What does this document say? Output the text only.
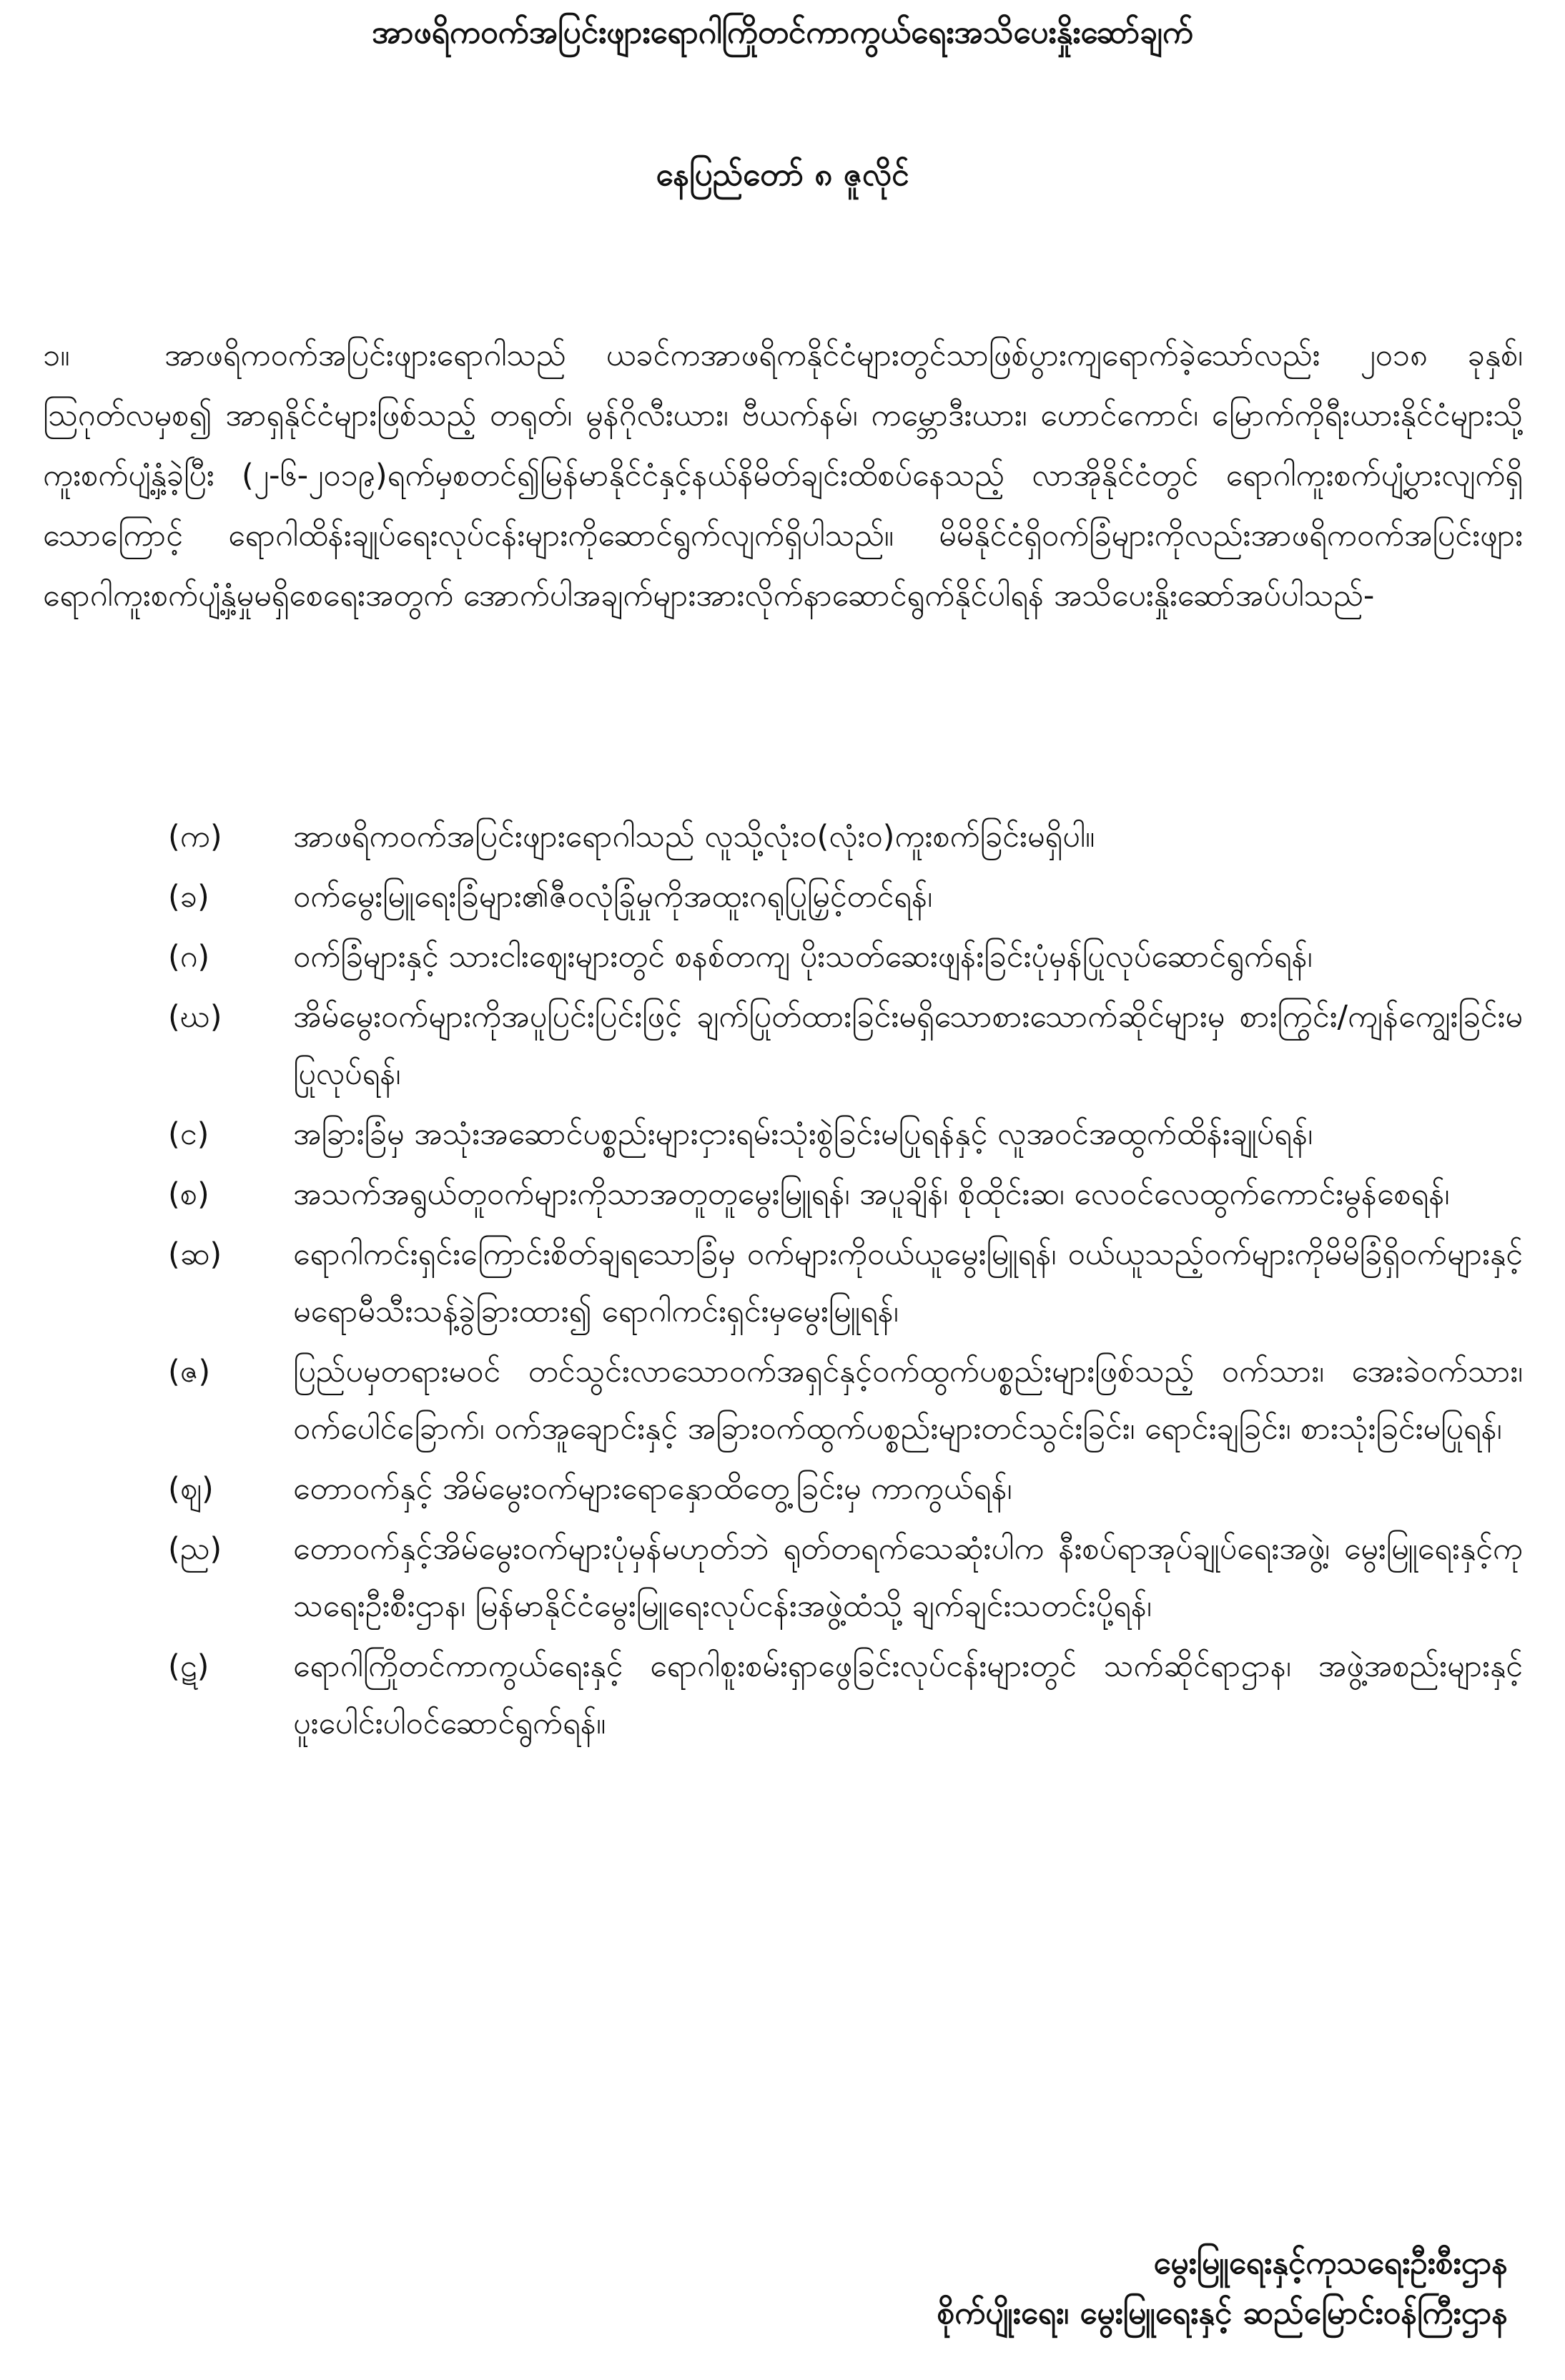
အာဖရိကဝက်အပြင်းဖျားရောဂါကြိုတင်ကာကွယ်ရေးအသိပေးနှိုးဆော်ချက်
နေပြည်တော် ၈ ဇူလိုင်
၁။	အာဖရိကဝက်အပြင်းဖျားရောဂါသည် ယခင်ကအာဖရိကနိုင်ငံများတွင်သာဖြစ်ပွားကျရောက်ခဲ့သော်လည်း ၂၀၁၈ ခုနှစ်၊ဩဂုတ်လမှစ၍ အာရှနိုင်ငံများဖြစ်သည့် တရုတ်၊ မွန်ဂိုလီးယား၊ ဗီယက်နမ်၊ ကမ္ဘောဒီးယား၊ ဟောင်ကောင်၊ မြောက်ကိုရီးယားနိုင်ငံများသို့ ကူးစက်ပျံ့နှံ့ခဲ့ပြီး (၂-၆-၂၀၁၉)ရက်မှစတင်၍မြန်မာနိုင်ငံနှင့်နယ်နိမိတ်ချင်းထိစပ်နေသည့် လာအိုနိုင်ငံတွင် ရောဂါကူးစက်ပျံ့ပွားလျက်ရှိသောကြောင့် ရောဂါထိန်းချုပ်ရေးလုပ်ငန်းများကိုဆောင်ရွက်လျက်ရှိပါသည်။ မိမိနိုင်ငံရှိဝက်ခြံများကိုလည်းအာဖရိကဝက်အပြင်းဖျားရောဂါကူးစက်ပျံ့နှံ့မှုမရှိစေရေးအတွက် အောက်ပါအချက်များအားလိုက်နာဆောင်ရွက်နိုင်ပါရန် အသိပေးနှိုးဆော်အပ်ပါသည်-
(က)	အာဖရိကဝက်အပြင်းဖျားရောဂါသည် လူသို့လုံးဝ(လုံးဝ)ကူးစက်ခြင်းမရှိပါ။
(ခ)	ဝက်မွေးမြူရေးခြံများ၏ဇီဝလုံခြုံမှုကိုအထူးဂရုပြုမြှင့်တင်ရန်၊
(ဂ)	ဝက်ခြံများနှင့် သားငါးဈေးများတွင် စနစ်တကျ ပိုးသတ်ဆေးဖျန်းခြင်းပုံမှန်ပြုလုပ်ဆောင်ရွက်ရန်၊
(ဃ)	အိမ်မွေးဝက်များကိုအပူပြင်းပြင်းဖြင့် ချက်ပြုတ်ထားခြင်းမရှိသောစားသောက်ဆိုင်များမှ စားကြွင်း/ကျန်ကျွေးခြင်းမပြုလုပ်ရန်၊
(င)	အခြားခြံမှ အသုံးအဆောင်ပစ္စည်းများငှားရမ်းသုံးစွဲခြင်းမပြုရန်နှင့် လူအဝင်အထွက်ထိန်းချုပ်ရန်၊
(စ)	အသက်အရွယ်တူဝက်များကိုသာအတူတူမွေးမြူရန်၊ အပူချိန်၊ စိုထိုင်းဆ၊ လေဝင်လေထွက်ကောင်းမွန်စေရန်၊
(ဆ)	ရောဂါကင်းရှင်းကြောင်းစိတ်ချရသောခြံမှ ဝက်များကိုဝယ်ယူမွေးမြူရန်၊ ဝယ်ယူသည့်ဝက်များကိုမိမိခြံရှိဝက်များနှင့်မရောမီသီးသန့်ခွဲခြားထား၍ ရောဂါကင်းရှင်းမှမွေးမြူရန်၊
(ဇ)	ပြည်ပမှတရားမဝင် တင်သွင်းလာသောဝက်အရှင်နှင့်ဝက်ထွက်ပစ္စည်းများဖြစ်သည့် ဝက်သား၊ အေးခဲဝက်သား၊ ဝက်ပေါင်ခြောက်၊ ဝက်အူချောင်းနှင့် အခြားဝက်ထွက်ပစ္စည်းများတင်သွင်းခြင်း၊ ရောင်းချခြင်း၊ စားသုံးခြင်းမပြုရန်၊
(ဈ)	တောဝက်နှင့် အိမ်မွေးဝက်များရောနှောထိတွေ့ခြင်းမှ ကာကွယ်ရန်၊
(ည)	တောဝက်နှင့်အိမ်မွေးဝက်များပုံမှန်မဟုတ်ဘဲ ရုတ်တရက်သေဆုံးပါက နီးစပ်ရာအုပ်ချုပ်ရေးအဖွဲ့၊ မွေးမြူရေးနှင့်ကုသရေးဦးစီးဌာန၊ မြန်မာနိုင်ငံမွေးမြူရေးလုပ်ငန်းအဖွဲ့ထံသို့ ချက်ချင်းသတင်းပို့ရန်၊
(ဋ)	ရောဂါကြိုတင်ကာကွယ်ရေးနှင့် ရောဂါစူးစမ်းရှာဖွေခြင်းလုပ်ငန်းများတွင် သက်ဆိုင်ရာဌာန၊ အဖွဲ့အစည်းများနှင့် ပူးပေါင်းပါဝင်ဆောင်ရွက်ရန်။
မွေးမြူရေးနှင့်ကုသရေးဦးစီးဌာန
စိုက်ပျိုးရေး၊ မွေးမြူရေးနှင့် ဆည်မြောင်းဝန်ကြီးဌာန
